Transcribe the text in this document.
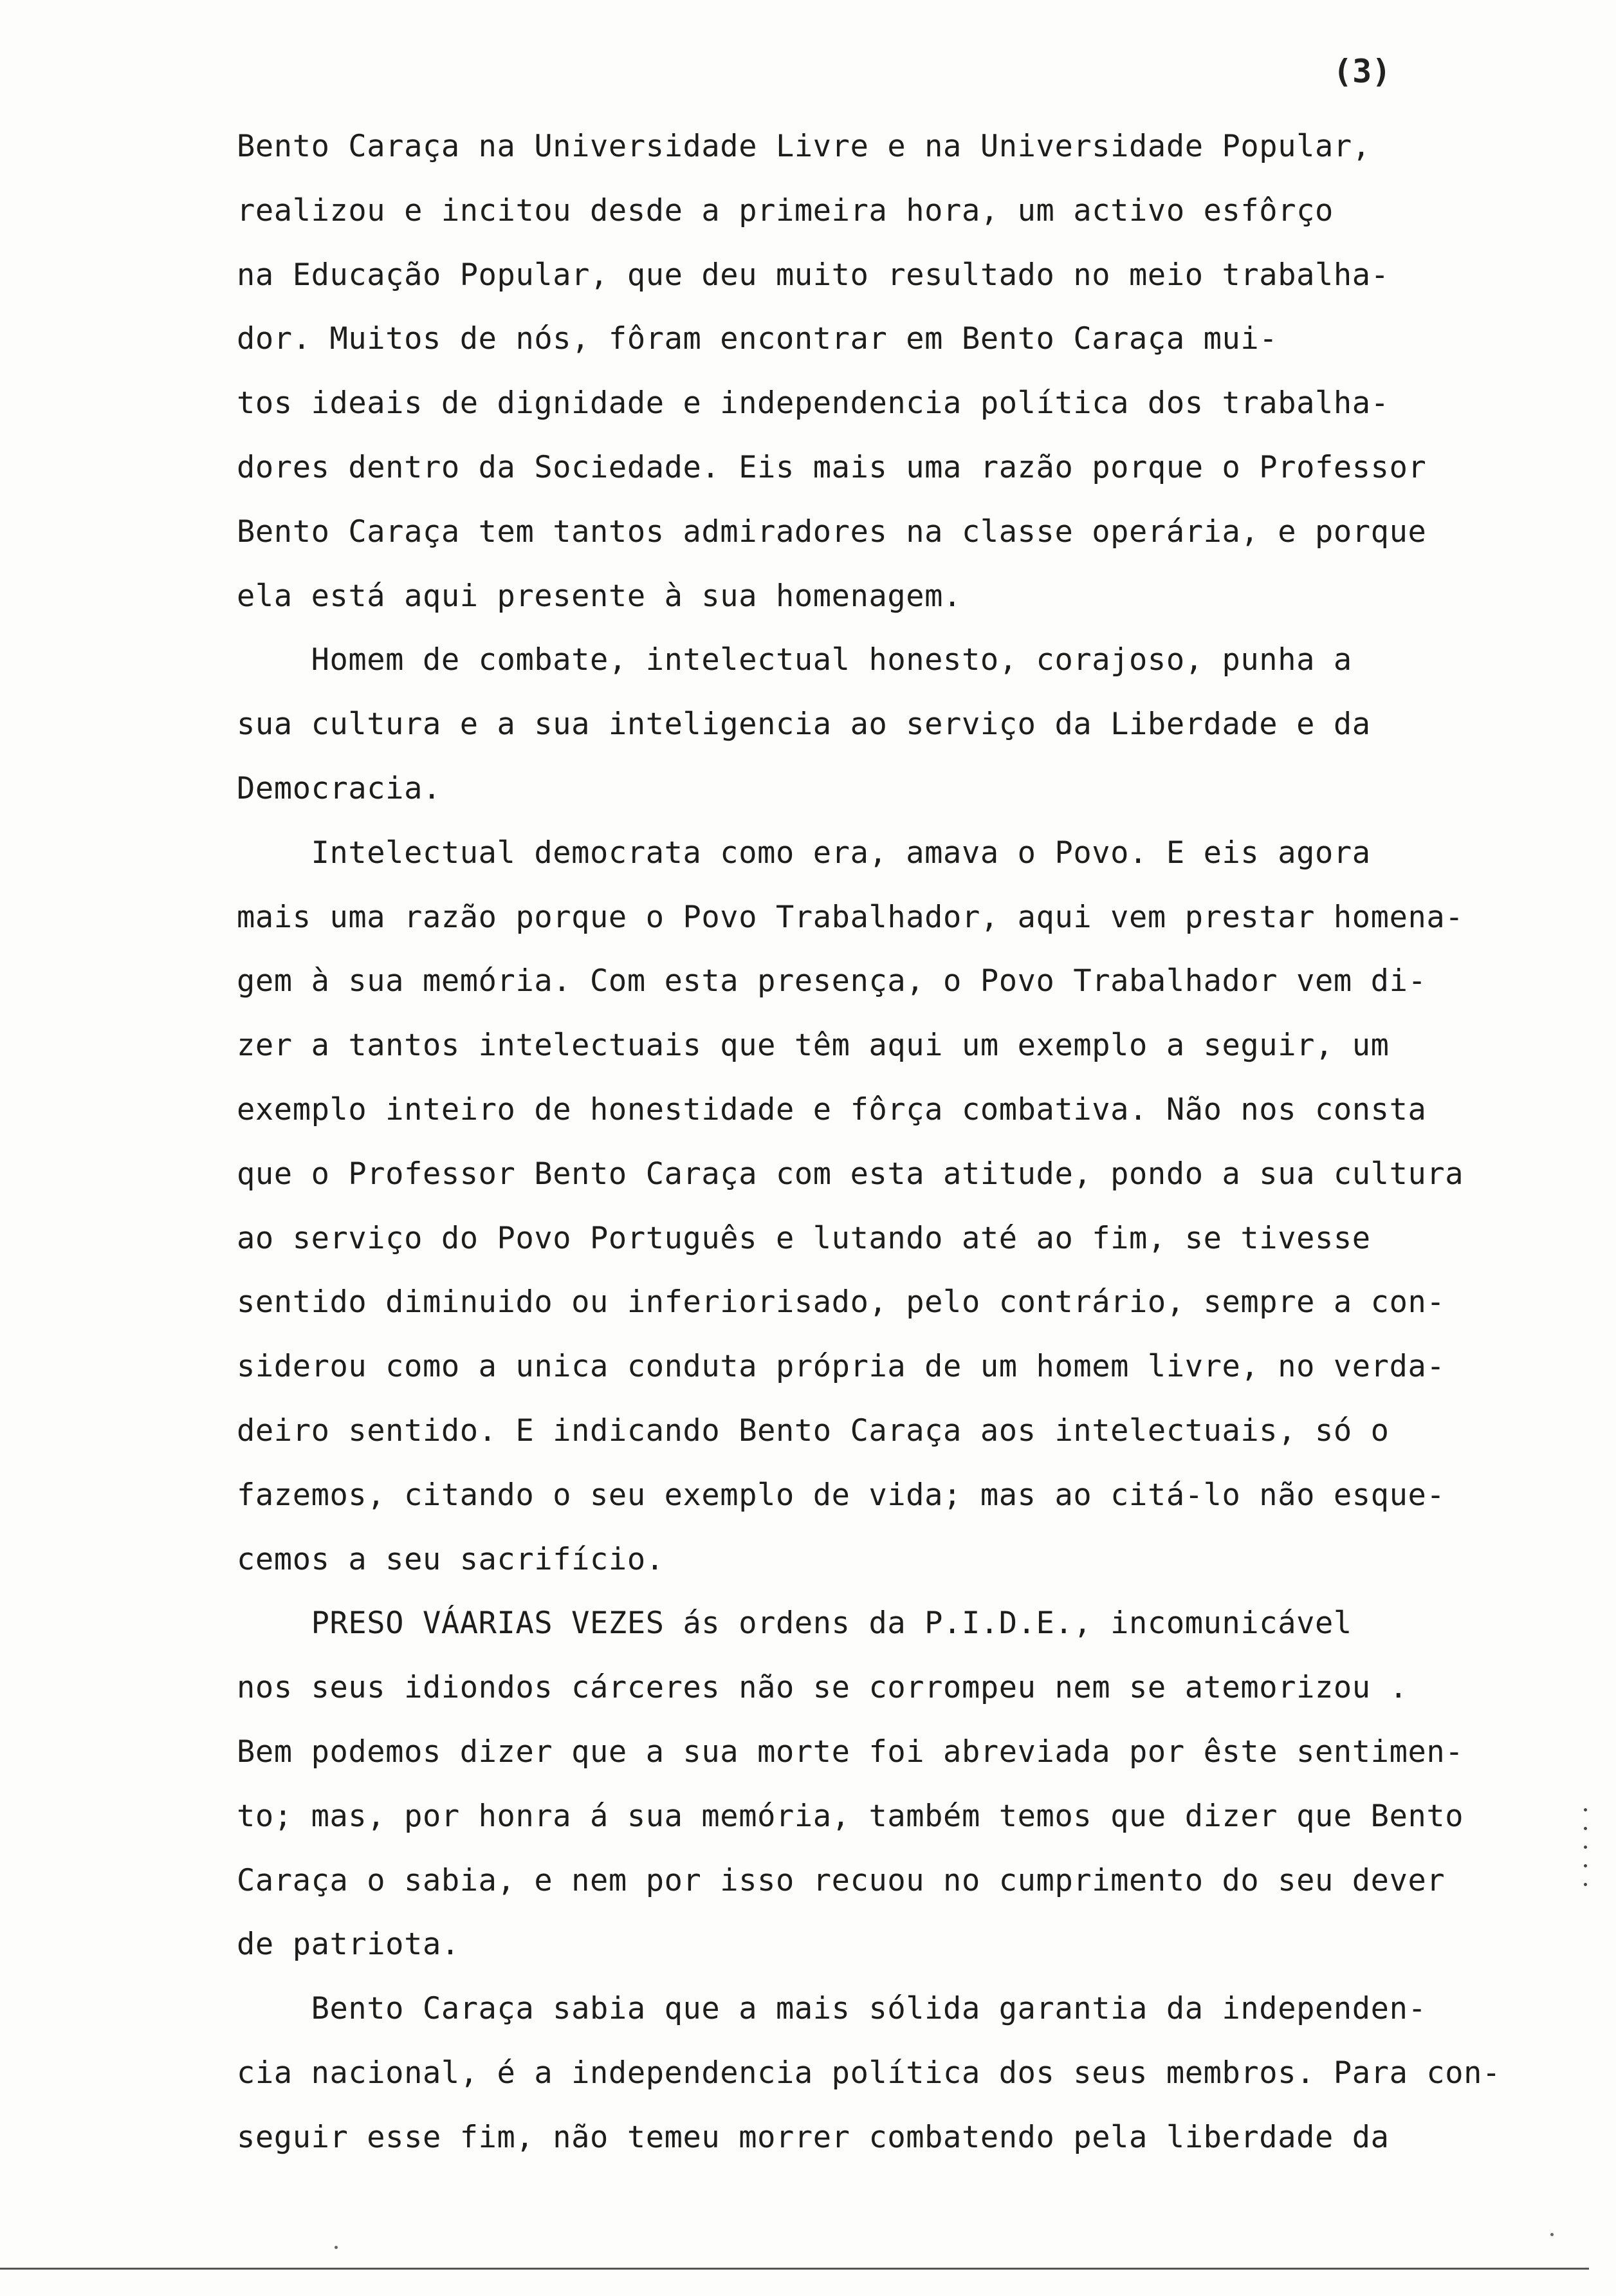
(3)
Bento Caraça na Universidade Livre e na Universidade Popular,
realizou e incitou desde a primeira hora, um activo esfôrço
na Educação Popular, que deu muito resultado no meio trabalha-
dor. Muitos de nós, fôram encontrar em Bento Caraça mui-
tos ideais de dignidade e independencia política dos trabalha-
dores dentro da Sociedade. Eis mais uma razão porque o Professor
Bento Caraça tem tantos admiradores na classe operária, e porque
ela está aqui presente à sua homenagem.
Homem de combate, intelectual honesto, corajoso, punha a
sua cultura e a sua inteligencia ao serviço da Liberdade e da
Democracia.
Intelectual democrata como era, amava o Povo. E eis agora
mais uma razão porque o Povo Trabalhador, aqui vem prestar homena-
gem à sua memória. Com esta presença, o Povo Trabalhador vem di-
zer a tantos intelectuais que têm aqui um exemplo a seguir, um
exemplo inteiro de honestidade e fôrça combativa. Não nos consta
que o Professor Bento Caraça com esta atitude, pondo a sua cultura
ao serviço do Povo Português e lutando até ao fim, se tivesse
sentido diminuido ou inferiorisado, pelo contrário, sempre a con-
siderou como a unica conduta própria de um homem livre, no verda-
deiro sentido. E indicando Bento Caraça aos intelectuais, só o
fazemos, citando o seu exemplo de vida; mas ao citá-lo não esque-
cemos a seu sacrifício.
PRESO VÁARIAS VEZES ás ordens da P.I.D.E., incomunicável
nos seus idiondos cárceres não se corrompeu nem se atemorizou .
Bem podemos dizer que a sua morte foi abreviada por êste sentimen-
to; mas, por honra á sua memória, também temos que dizer que Bento
Caraça o sabia, e nem por isso recuou no cumprimento do seu dever
de patriota.
Bento Caraça sabia que a mais sólida garantia da independen-
cia nacional, é a independencia política dos seus membros. Para con-
seguir esse fim, não temeu morrer combatendo pela liberdade da
